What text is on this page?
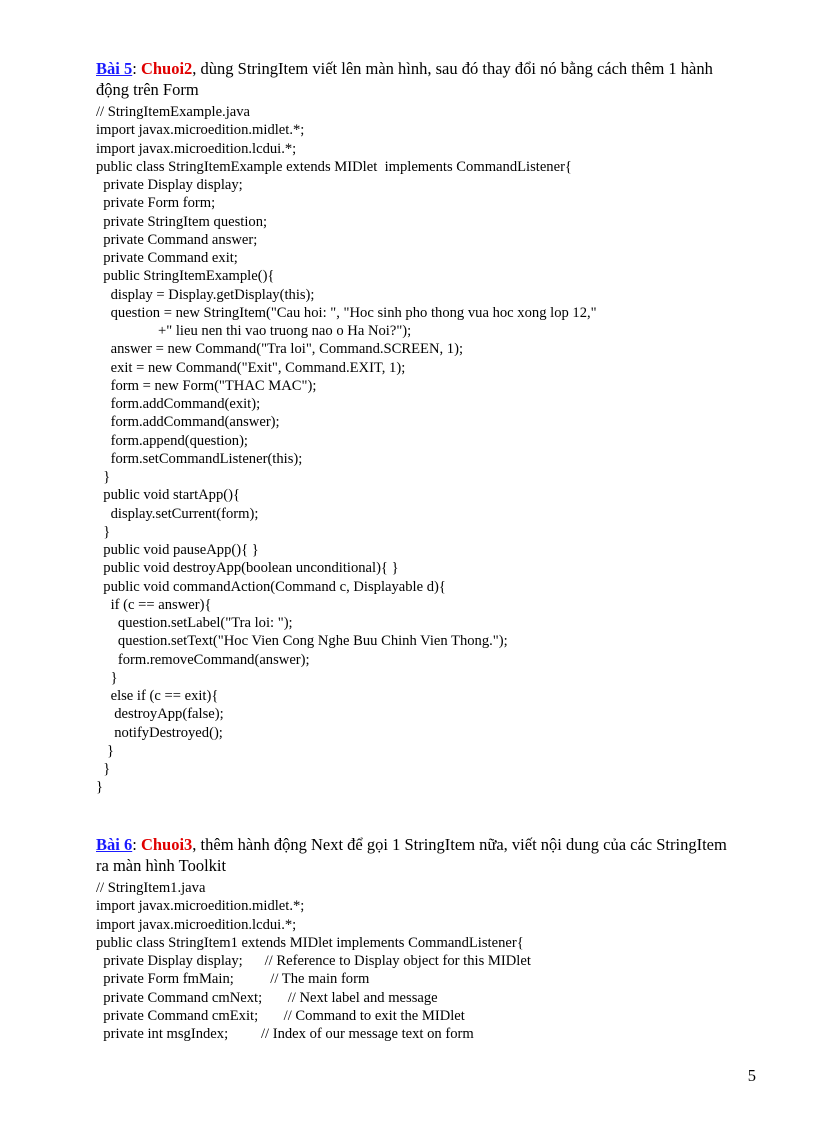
Bài 5: Chuoi2, dùng StringItem viết lên màn hình, sau đó thay đổi nó bằng cách thêm 1 hành động trên Form

// StringItemExample.java
import javax.microedition.midlet.*;
import javax.microedition.lcdui.*;
public class StringItemExample extends MIDlet  implements CommandListener{
private Display display;
private Form form;
private StringItem question;
private Command answer;
private Command exit;
public StringItemExample(){
display = Display.getDisplay(this);
question = new StringItem("Cau hoi: ", "Hoc sinh pho thong vua hoc xong lop 12,"
+" lieu nen thi vao truong nao o Ha Noi?");
answer = new Command("Tra loi", Command.SCREEN, 1);
exit = new Command("Exit", Command.EXIT, 1);
form = new Form("THAC MAC");
form.addCommand(exit);
form.addCommand(answer);
form.append(question);
form.setCommandListener(this);
}
public void startApp(){
display.setCurrent(form);
}
public void pauseApp(){ }
public void destroyApp(boolean unconditional){ }
public void commandAction(Command c, Displayable d){
if (c == answer){
question.setLabel("Tra loi: ");
question.setText("Hoc Vien Cong Nghe Buu Chinh Vien Thong.");
form.removeCommand(answer);
}
else if (c == exit){
destroyApp(false);
notifyDestroyed();
}
}
}

Bài 6: Chuoi3, thêm hành động Next để gọi 1 StringItem nữa, viết nội dung của các StringItem ra màn hình Toolkit

// StringItem1.java
import javax.microedition.midlet.*;
import javax.microedition.lcdui.*;
public class StringItem1 extends MIDlet implements CommandListener{
private Display display;      // Reference to Display object for this MIDlet
private Form fmMain;          // The main form
private Command cmNext;       // Next label and message
private Command cmExit;       // Command to exit the MIDlet
private int msgIndex;         // Index of our message text on form
5
